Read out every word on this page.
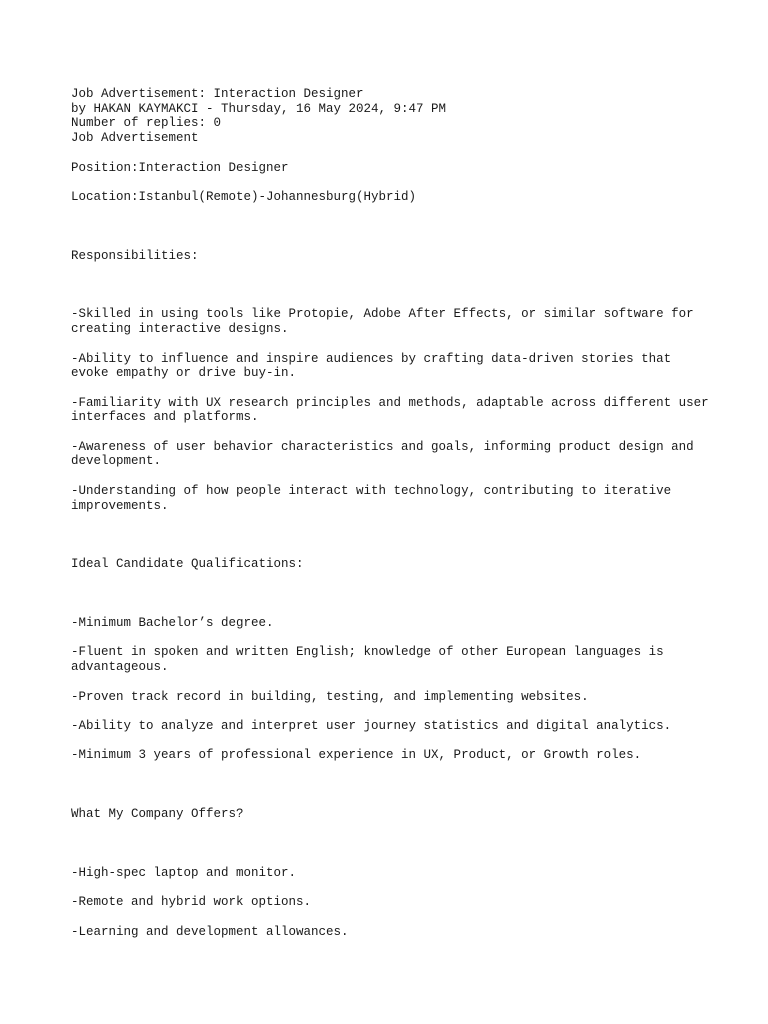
Job Advertisement: Interaction Designer

by HAKAN KAYMAKCI - Thursday, 16 May 2024, 9:47 PM

Number of replies: 0

Job Advertisement

Position:Interaction Designer

Location:Istanbul(Remote)-Johannesburg(Hybrid)

Responsibilities:

-Skilled in using tools like Protopie, Adobe After Effects, or similar software for creating interactive designs.

-Ability to influence and inspire audiences by crafting data-driven stories that evoke empathy or drive buy-in.

-Familiarity with UX research principles and methods, adaptable across different user interfaces and platforms.

-Awareness of user behavior characteristics and goals, informing product design and development.

-Understanding of how people interact with technology, contributing to iterative improvements.

Ideal Candidate Qualifications:

-Minimum Bachelor’s degree.

-Fluent in spoken and written English; knowledge of other European languages is advantageous.

-Proven track record in building, testing, and implementing websites.

-Ability to analyze and interpret user journey statistics and digital analytics.

-Minimum 3 years of professional experience in UX, Product, or Growth roles.

What My Company Offers?

-High-spec laptop and monitor.

-Remote and hybrid work options.

-Learning and development allowances.
